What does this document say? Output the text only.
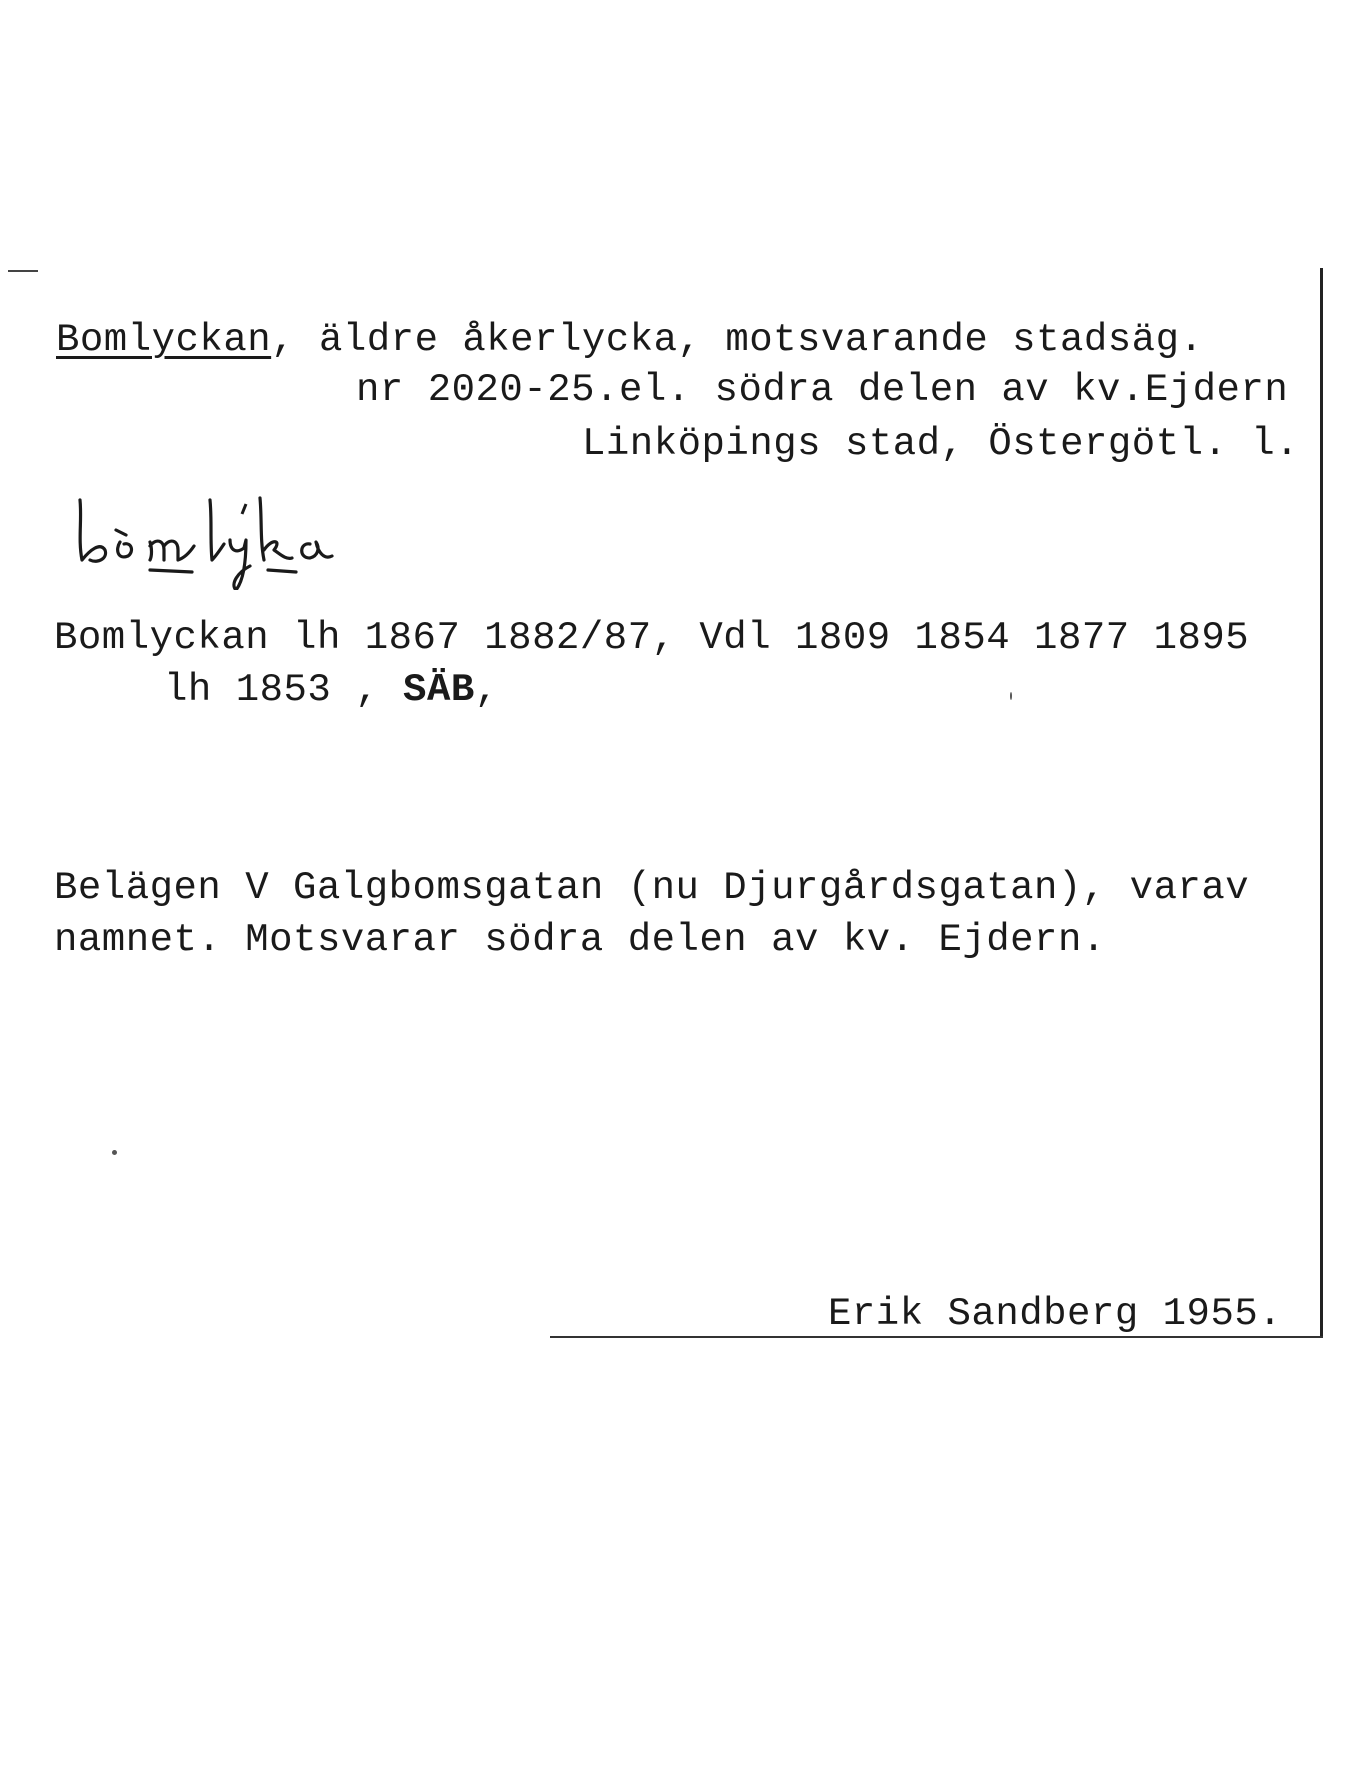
Bomlyckan, äldre åkerlycka, motsvarande stadsäg.
nr 2020-25.el. södra delen av kv.Ejdern
Linköpings stad, Östergötl. l.
Bomlyckan lh 1867 1882/87, Vdl 1809 1854 1877 1895
lh 1853 , SÄB,
Belägen V Galgbomsgatan (nu Djurgårdsgatan), varav
namnet. Motsvarar södra delen av kv. Ejdern.
Erik Sandberg 1955.
